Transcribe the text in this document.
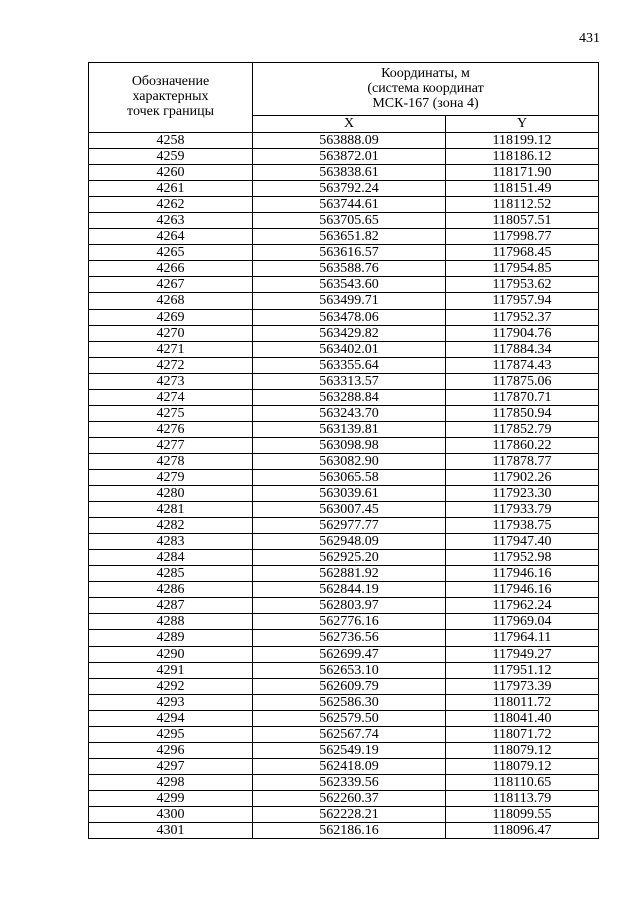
431
Обозначение
характерных
точек границы	Координаты, м
(система координат
МСК-167 (зона 4)	

	X	Y
4258	563888.09	118199.12
4259	563872.01	118186.12
4260	563838.61	118171.90
4261	563792.24	118151.49
4262	563744.61	118112.52
4263	563705.65	118057.51
4264	563651.82	117998.77
4265	563616.57	117968.45
4266	563588.76	117954.85
4267	563543.60	117953.62
4268	563499.71	117957.94
4269	563478.06	117952.37
4270	563429.82	117904.76
4271	563402.01	117884.34
4272	563355.64	117874.43
4273	563313.57	117875.06
4274	563288.84	117870.71
4275	563243.70	117850.94
4276	563139.81	117852.79
4277	563098.98	117860.22
4278	563082.90	117878.77
4279	563065.58	117902.26
4280	563039.61	117923.30
4281	563007.45	117933.79
4282	562977.77	117938.75
4283	562948.09	117947.40
4284	562925.20	117952.98
4285	562881.92	117946.16
4286	562844.19	117946.16
4287	562803.97	117962.24
4288	562776.16	117969.04
4289	562736.56	117964.11
4290	562699.47	117949.27
4291	562653.10	117951.12
4292	562609.79	117973.39
4293	562586.30	118011.72
4294	562579.50	118041.40
4295	562567.74	118071.72
4296	562549.19	118079.12
4297	562418.09	118079.12
4298	562339.56	118110.65
4299	562260.37	118113.79
4300	562228.21	118099.55
4301	562186.16	118096.47
